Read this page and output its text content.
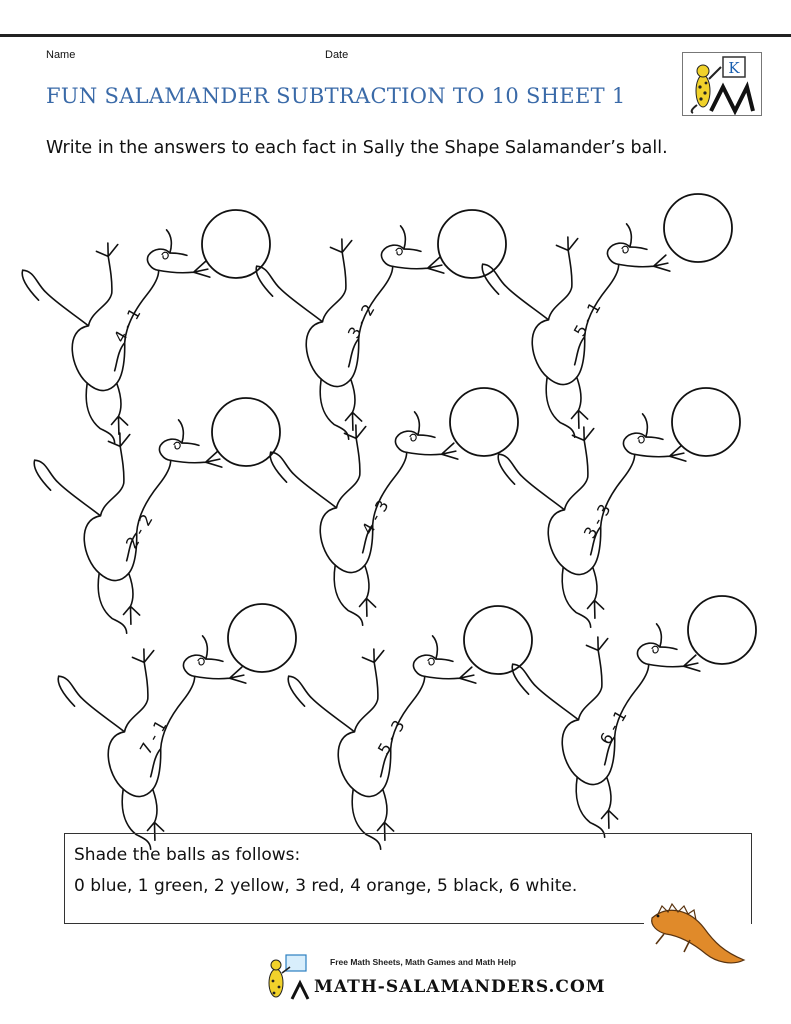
Name	Date
K
FUN SALAMANDER SUBTRACTION TO 10 SHEET 1
Write in the answers to each fact in Sally the Shape Salamander’s ball.
4 - 1	3 - 2	5 - 1
2 - 2	4 - 3	3 - 3
7 - 1	5 - 3	6 - 1
Shade the balls as follows:
0 blue, 1 green, 2 yellow, 3 red, 4 orange, 5 black, 6 white.
Free Math Sheets, Math Games and Math Help
MATH-SALAMANDERS.COM
